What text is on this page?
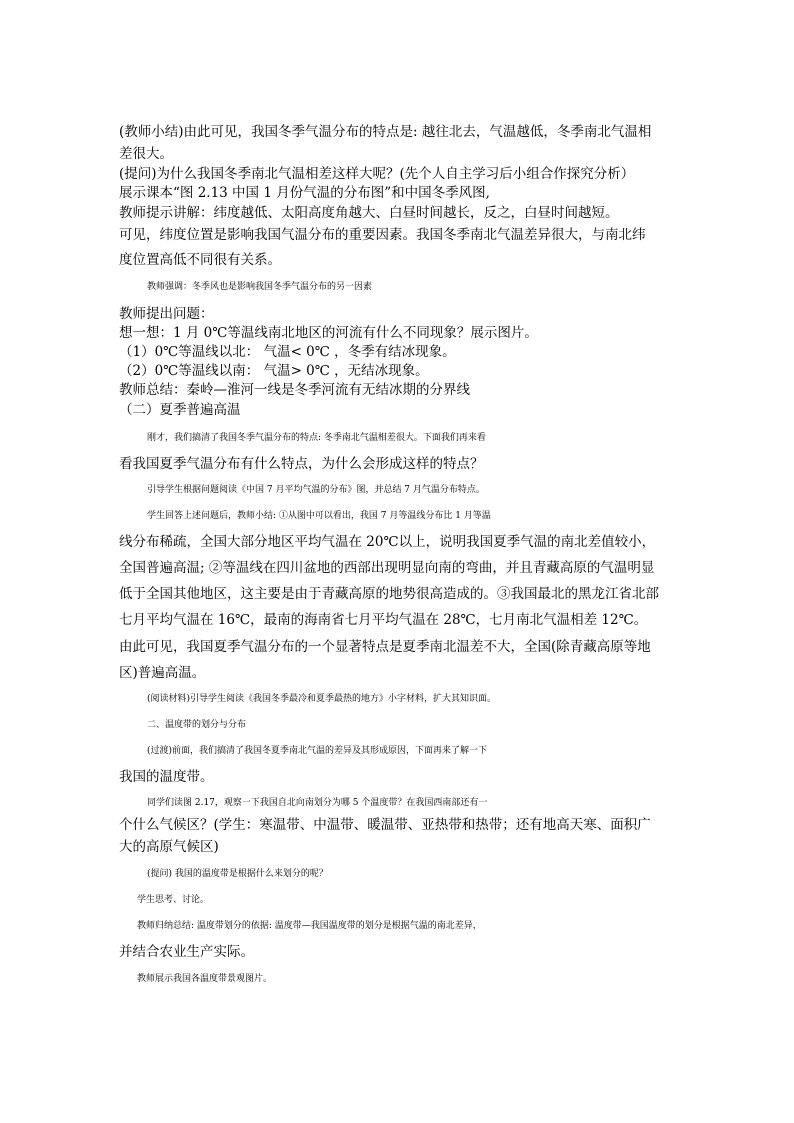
(教师小结)由此可见，我国冬季气温分布的特点是: 越往北去，气温越低，冬季南北气温相
差很大。
(提问)为什么我国冬季南北气温相差这样大呢？(先个人自主学习后小组合作探究分析）
展示课本“图 2.13 中国 1 月份气温的分布图”和中国冬季风图,
教师提示讲解：纬度越低、太阳高度角越大、白昼时间越长，反之，白昼时间越短。
可见，纬度位置是影响我国气温分布的重要因素。我国冬季南北气温差异很大，与南北纬
度位置高低不同很有关系。
教师强调：冬季风也是影响我国冬季气温分布的另一因素
教师提出问题：
想一想：1 月 0℃等温线南北地区的河流有什么不同现象？展示图片。
（1）0℃等温线以北： 气温< 0℃ ，冬季有结冰现象。
（2）0℃等温线以南： 气温> 0℃ ，无结冰现象。
教师总结：秦岭—淮河一线是冬季河流有无结冰期的分界线
（二）夏季普遍高温
刚才，我们搞清了我国冬季气温分布的特点: 冬季南北气温相差很大。下面我们再来看
看我国夏季气温分布有什么特点，为什么会形成这样的特点？
引导学生根据问题阅读《中国 7 月平均气温的分布》图，并总结 7 月气温分布特点。
学生回答上述问题后，教师小结: ①从图中可以看出，我国 7 月等温线分布比 1 月等温
线分布稀疏，全国大部分地区平均气温在 20℃以上，说明我国夏季气温的南北差值较小，
全国普遍高温; ②等温线在四川盆地的西部出现明显向南的弯曲，并且青藏高原的气温明显
低于全国其他地区，这主要是由于青藏高原的地势很高造成的。③我国最北的黑龙江省北部
七月平均气温在 16℃，最南的海南省七月平均气温在 28℃，七月南北气温相差 12℃。
由此可见，我国夏季气温分布的一个显著特点是夏季南北温差不大，全国(除青藏高原等地
区)普遍高温。
(阅读材料)引导学生阅读《我国冬季最冷和夏季最热的地方》小字材料，扩大其知识面。
二、温度带的划分与分布
(过渡)前面，我们搞清了我国冬夏季南北气温的差异及其形成原因，下面再来了解一下
我国的温度带。
同学们读图 2.17，观察一下我国自北向南划分为哪 5 个温度带？在我国西南部还有一
个什么气候区？(学生：寒温带、中温带、暖温带、亚热带和热带；还有地高天寒、面积广
大的高原气候区)
(提问) 我国的温度带是根据什么来划分的呢？
学生思考、讨论。
教师归纳总结: 温度带划分的依据: 温度带—我国温度带的划分是根据气温的南北差异，
并结合农业生产实际。
教师展示我国各温度带景观图片。
